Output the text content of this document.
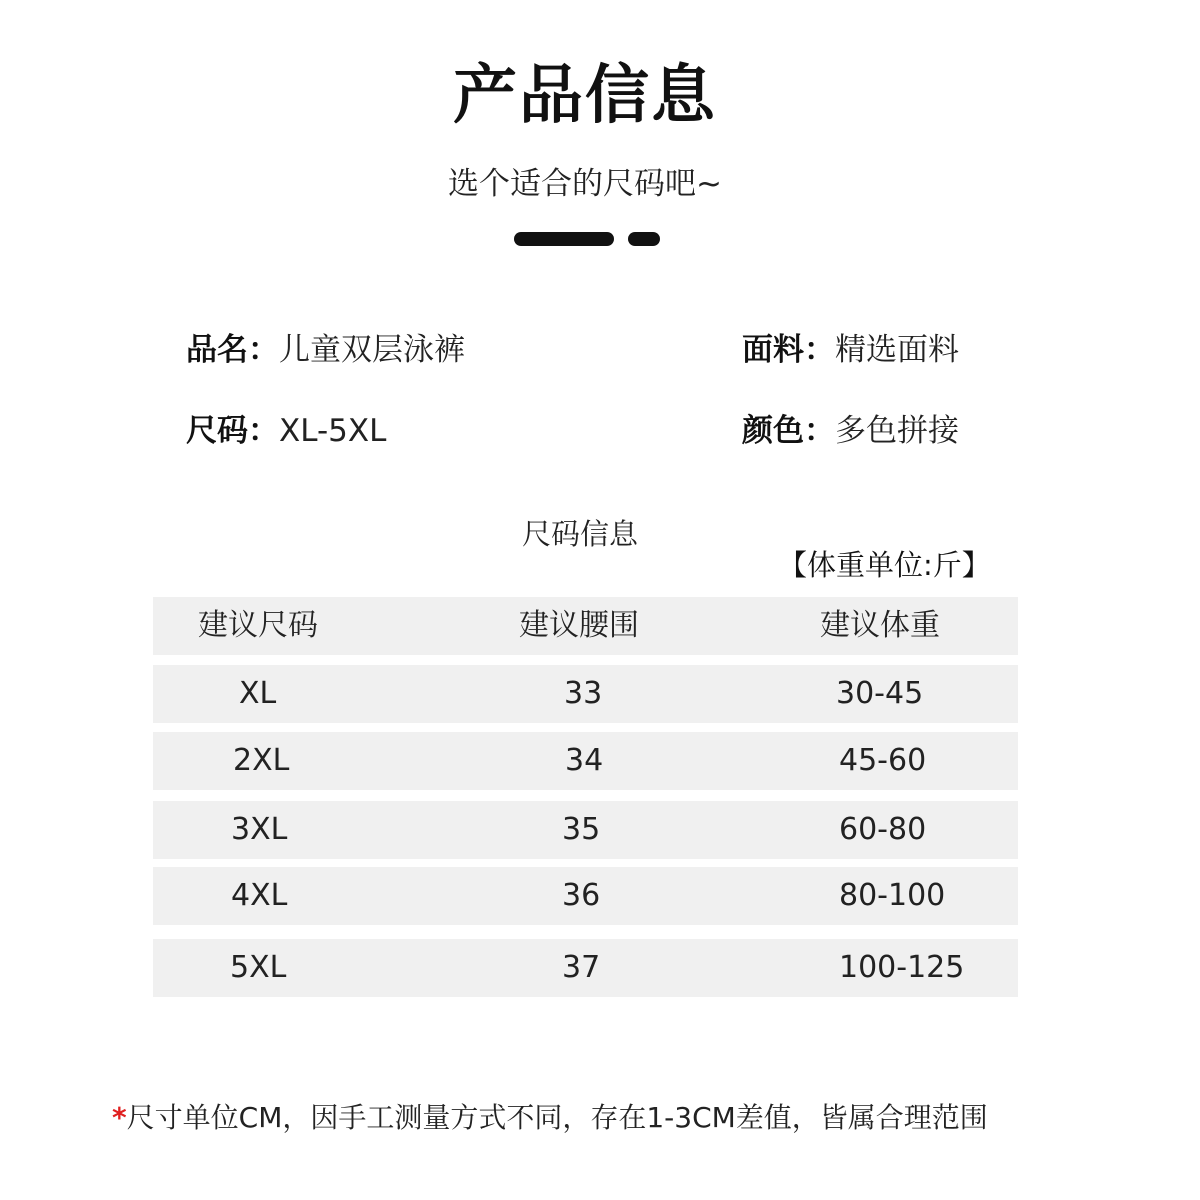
产品信息
选个适合的尺码吧~
品名：儿童双层泳裤	面料：精选面料
尺码：XL-5XL	颜色：多色拼接
尺码信息
【体重单位:斤】
建议尺码	建议腰围	建议体重
XL	33	30-45
2XL	34	45-60
3XL	35	60-80
4XL	36	80-100
5XL	37	100-125
*尺寸单位CM，因手工测量方式不同，存在1-3CM差值，皆属合理范围
